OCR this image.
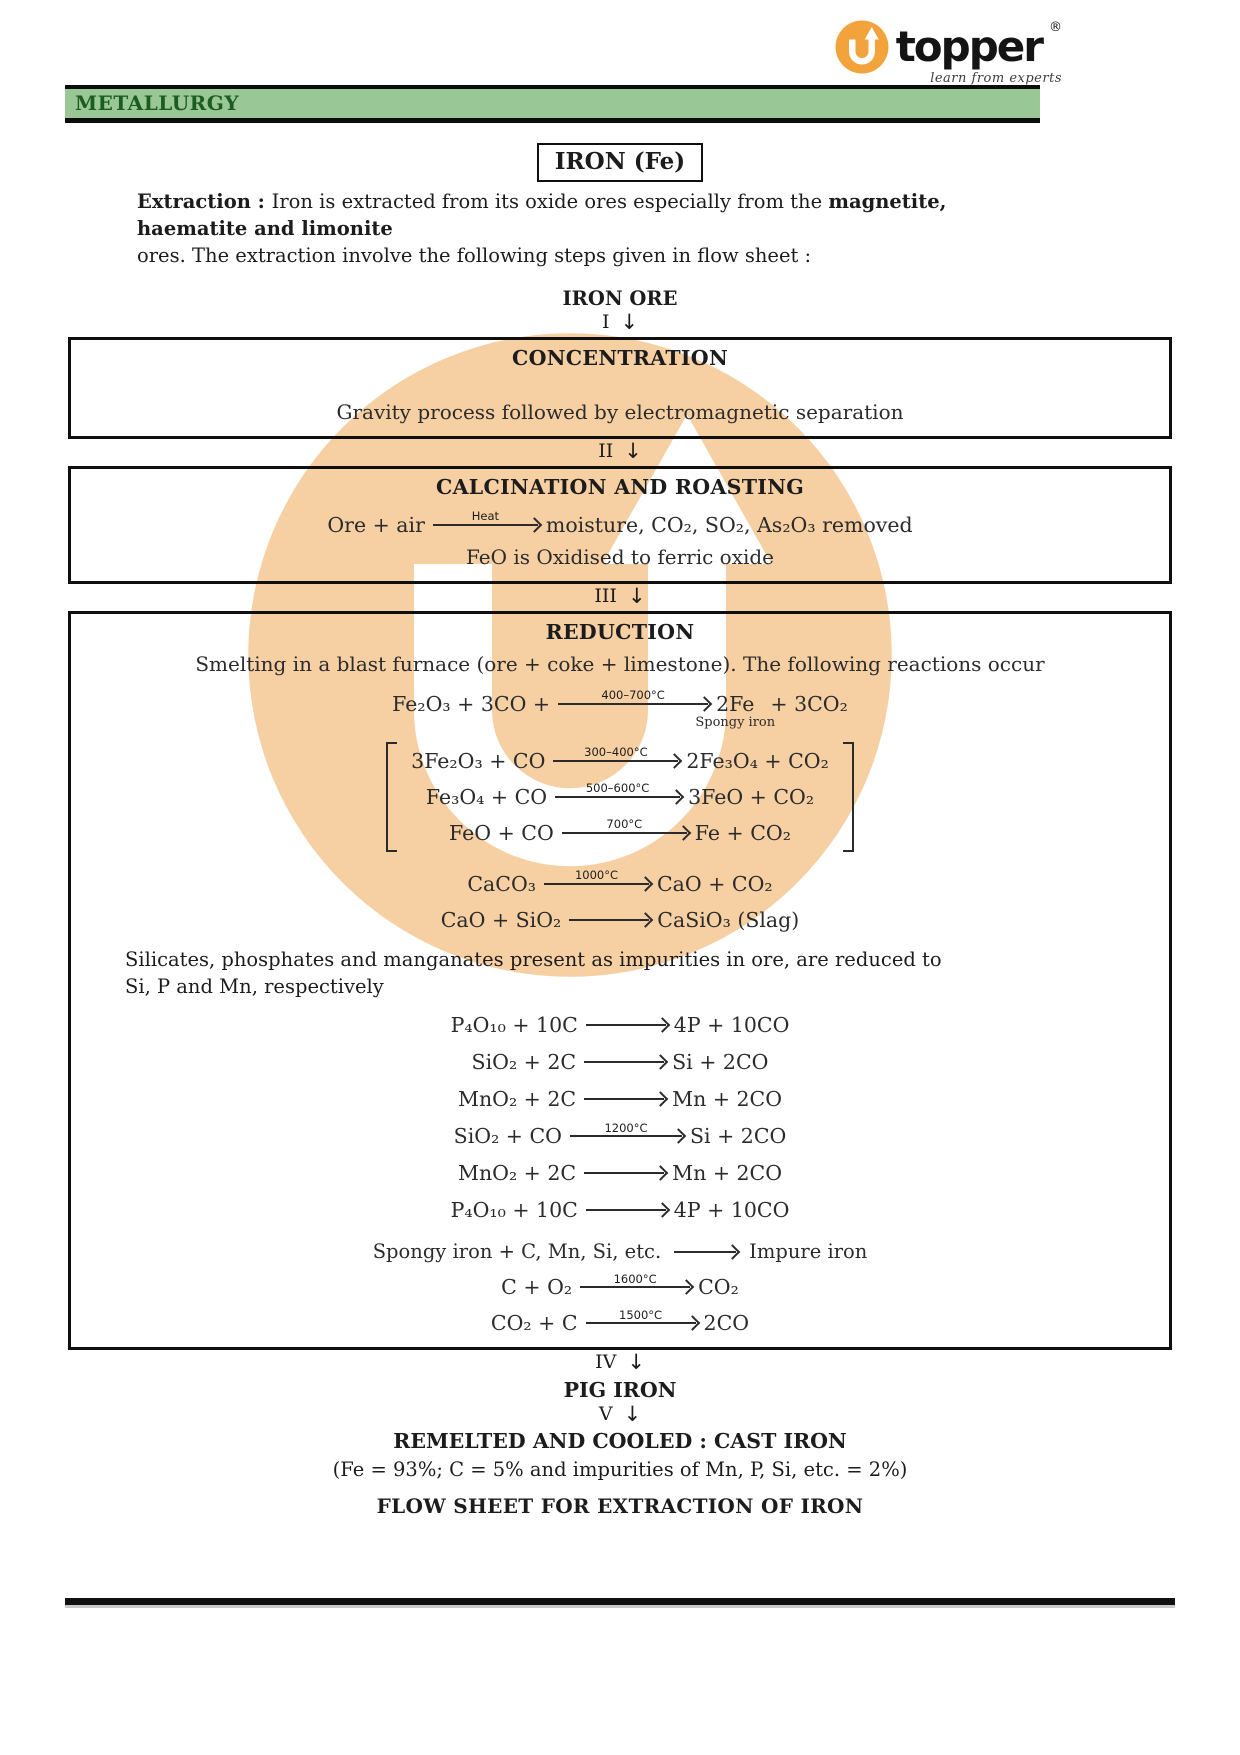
topper ®
learn from experts
METALLURGY
IRON (Fe)
Extraction : Iron is extracted from its oxide ores especially from the magnetite, haematite and limonite
ores. The extraction involve the following steps given in flow sheet :
IRON ORE
I ↓
CONCENTRATION
Gravity process followed by electromagnetic separation
II ↓
CALCINATION AND ROASTING
Ore + air	Heat moisture, CO₂, SO₂, As₂O₃ removed
FeO is Oxidised to ferric oxide
III ↓
REDUCTION
Smelting in a blast furnace (ore + coke + limestone). The following reactions occur
Fe₂O₃ + 3CO +	400–700°C	2Fe
Spongy iron
+ 3CO₂
3Fe₂O₃ + CO	300–400°C 2Fe₃O₄ + CO₂
Fe₃O₄ + CO	500–600°C 3FeO + CO₂
FeO + CO	700°C	Fe + CO₂
CaCO₃	1000°C CaO + CO₂
CaO + SiO₂	CaSiO₃ (Slag)
Silicates, phosphates and manganates present as impurities in ore, are reduced to
Si, P and Mn, respectively
P₄O₁₀ + 10C	4P + 10CO
SiO₂ + 2C	Si + 2CO
MnO₂ + 2C	Mn + 2CO
SiO₂ + CO	1200°C Si + 2CO
MnO₂ + 2C	Mn + 2CO
P₄O₁₀ + 10C	4P + 10CO
Spongy iron + C, Mn, Si, etc.	Impure iron
C + O₂	1600°C CO₂
CO₂ + C	1500°C 2CO
IV ↓
PIG IRON
V ↓
REMELTED AND COOLED : CAST IRON
(Fe = 93%; C = 5% and impurities of Mn, P, Si, etc. = 2%)
FLOW SHEET FOR EXTRACTION OF IRON
